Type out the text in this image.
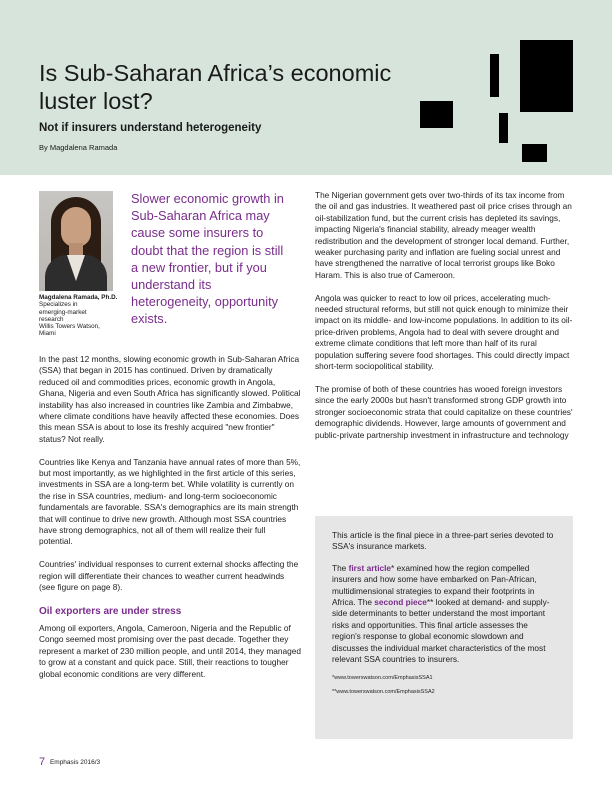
Is Sub-Saharan Africa’s economic luster lost?
Not if insurers understand heterogeneity
By Magdalena Ramada
Magdalena Ramada, Ph.D.
Specializes in
emerging-market
research
Willis Towers Watson,
Miami
Slower economic growth in Sub-Saharan Africa may cause some insurers to doubt that the region is still a new frontier, but if you understand its heterogeneity, opportunity exists.

In the past 12 months, slowing economic growth in Sub-Saharan Africa (SSA) that began in 2015 has continued. Driven by dramatically reduced oil and commodities prices, economic growth in Angola, Ghana, Nigeria and even South Africa has significantly slowed. Political instability has also increased in countries like Zambia and Zimbabwe, where climate conditions have heavily affected these economies. Does this mean SSA is about to lose its freshly acquired "new frontier" status? Not really.

Countries like Kenya and Tanzania have annual rates of more than 5%, but most importantly, as we highlighted in the first article of this series, investments in SSA are a long-term bet. While volatility is currently on the rise in SSA countries, medium- and long-term socioeconomic fundamentals are favorable. SSA's demographics are its main strength that will continue to drive new growth. Although most SSA countries have strong demographics, not all of them will realize their full potential.

Countries' individual responses to current external shocks affecting the region will differentiate their chances to weather current headwinds (see figure on page 8).

Oil exporters are under stress

Among oil exporters, Angola, Cameroon, Nigeria and the Republic of Congo seemed most promising over the past decade. Together they represent a market of 230 million people, and until 2014, they managed to grow at a constant and quick pace. Still, their reactions to tougher global economic conditions are very different.

The Nigerian government gets over two-thirds of its tax income from the oil and gas industries. It weathered past oil price crises through an oil-stabilization fund, but the current crisis has depleted its savings, impacting Nigeria's financial stability, already meager wealth redistribution and the development of stronger local demand. Further, weaker purchasing parity and inflation are fueling social unrest and have strengthened the narrative of local terrorist groups like Boko Haram. This is also true of Cameroon.

Angola was quicker to react to low oil prices, accelerating much-needed structural reforms, but still not quick enough to minimize their impact on its middle- and low-income populations. In addition to its oil-price-driven problems, Angola had to deal with severe drought and extreme climate conditions that left more than half of its rural population suffering severe food shortages. This could directly impact short-term sociopolitical stability.

The promise of both of these countries has wooed foreign investors since the early 2000s but hasn't transformed strong GDP growth into stronger socioeconomic strata that could capitalize on these countries' demographic dividends. However, large amounts of government and public-private partnership investment in infrastructure and technology

This article is the final piece in a three-part series devoted to SSA's insurance markets.

The first article* examined how the region compelled insurers and how some have embarked on Pan-African, multidimensional strategies to expand their footprints in Africa. The second piece** looked at demand- and supply-side determinants to better understand the most important risks and opportunities. This final article assesses the region's response to global economic slowdown and discusses the individual market characteristics of the most relevant SSA countries to insurers.

*www.towerswatson.com/EmphasisSSA1

**www.towerswatson.com/EmphasisSSA2

7 Emphasis 2016/3
